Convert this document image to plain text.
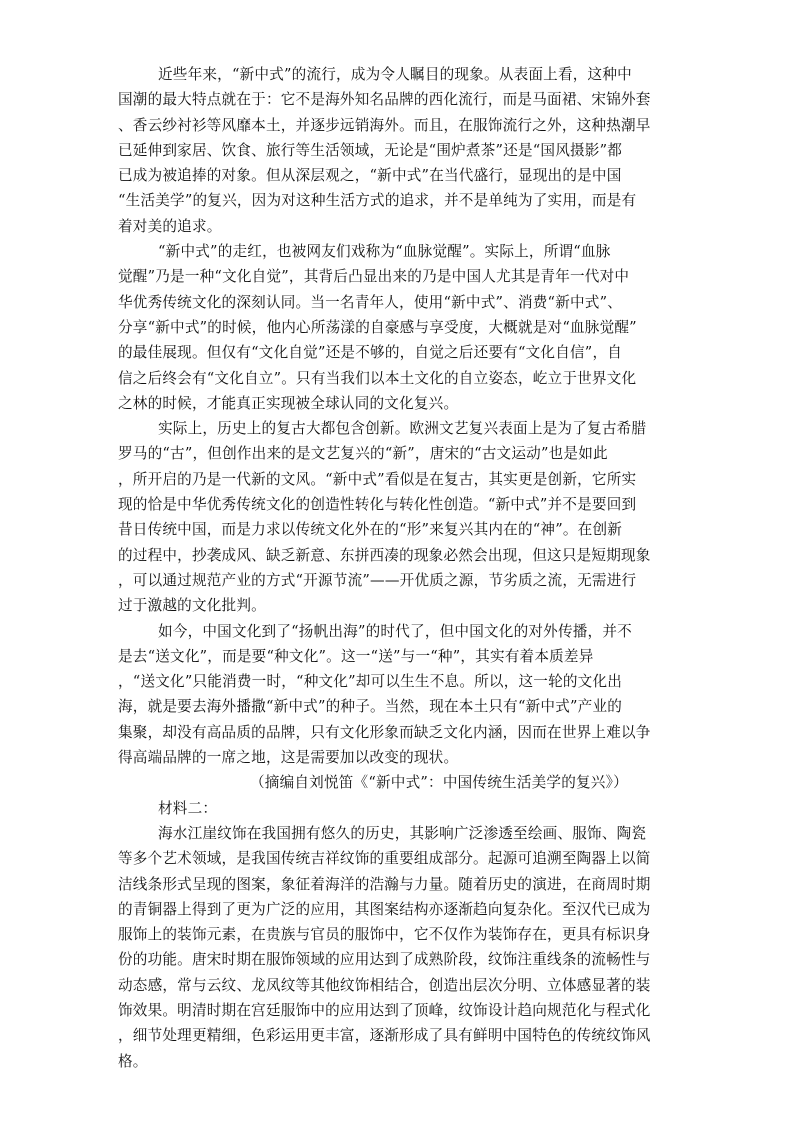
近些年来，“新中式”的流行，成为令人瞩目的现象。从表面上看，这种中
国潮的最大特点就在于：它不是海外知名品牌的西化流行，而是马面裙、宋锦外套
、香云纱衬衫等风靡本土，并逐步远销海外。而且，在服饰流行之外，这种热潮早
已延伸到家居、饮食、旅行等生活领域，无论是“围炉煮茶”还是“国风摄影”都
已成为被追捧的对象。但从深层观之，“新中式”在当代盛行，显现出的是中国
“生活美学”的复兴，因为对这种生活方式的追求，并不是单纯为了实用，而是有
着对美的追求。
“新中式”的走红，也被网友们戏称为“血脉觉醒”。实际上，所谓“血脉
觉醒”乃是一种“文化自觉”，其背后凸显出来的乃是中国人尤其是青年一代对中
华优秀传统文化的深刻认同。当一名青年人，使用“新中式”、消费“新中式”、
分享“新中式”的时候，他内心所荡漾的自豪感与享受度，大概就是对“血脉觉醒”
的最佳展现。但仅有“文化自觉”还是不够的，自觉之后还要有“文化自信”，自
信之后终会有“文化自立”。只有当我们以本土文化的自立姿态，屹立于世界文化
之林的时候，才能真正实现被全球认同的文化复兴。
实际上，历史上的复古大都包含创新。欧洲文艺复兴表面上是为了复古希腊
罗马的“古”，但创作出来的是文艺复兴的“新”，唐宋的“古文运动”也是如此
，所开启的乃是一代新的文风。“新中式”看似是在复古，其实更是创新，它所实
现的恰是中华优秀传统文化的创造性转化与转化性创造。“新中式”并不是要回到
昔日传统中国，而是力求以传统文化外在的“形”来复兴其内在的“神”。在创新
的过程中，抄袭成风、缺乏新意、东拼西凑的现象必然会出现，但这只是短期现象
，可以通过规范产业的方式“开源节流”——开优质之源，节劣质之流，无需进行
过于激越的文化批判。
如今，中国文化到了“扬帆出海”的时代了，但中国文化的对外传播，并不
是去“送文化”，而是要“种文化”。这一“送”与一“种”，其实有着本质差异
，“送文化”只能消费一时，“种文化”却可以生生不息。所以，这一轮的文化出
海，就是要去海外播撒“新中式”的种子。当然，现在本土只有“新中式”产业的
集聚，却没有高品质的品牌，只有文化形象而缺乏文化内涵，因而在世界上难以争
得高端品牌的一席之地，这是需要加以改变的现状。
（摘编自刘悦笛《“新中式”：中国传统生活美学的复兴》）
材料二：
海水江崖纹饰在我国拥有悠久的历史，其影响广泛渗透至绘画、服饰、陶瓷
等多个艺术领域，是我国传统吉祥纹饰的重要组成部分。起源可追溯至陶器上以简
洁线条形式呈现的图案，象征着海洋的浩瀚与力量。随着历史的演进，在商周时期
的青铜器上得到了更为广泛的应用，其图案结构亦逐渐趋向复杂化。至汉代已成为
服饰上的装饰元素，在贵族与官员的服饰中，它不仅作为装饰存在，更具有标识身
份的功能。唐宋时期在服饰领域的应用达到了成熟阶段，纹饰注重线条的流畅性与
动态感，常与云纹、龙凤纹等其他纹饰相结合，创造出层次分明、立体感显著的装
饰效果。明清时期在宫廷服饰中的应用达到了顶峰，纹饰设计趋向规范化与程式化
，细节处理更精细，色彩运用更丰富，逐渐形成了具有鲜明中国特色的传统纹饰风
格。
